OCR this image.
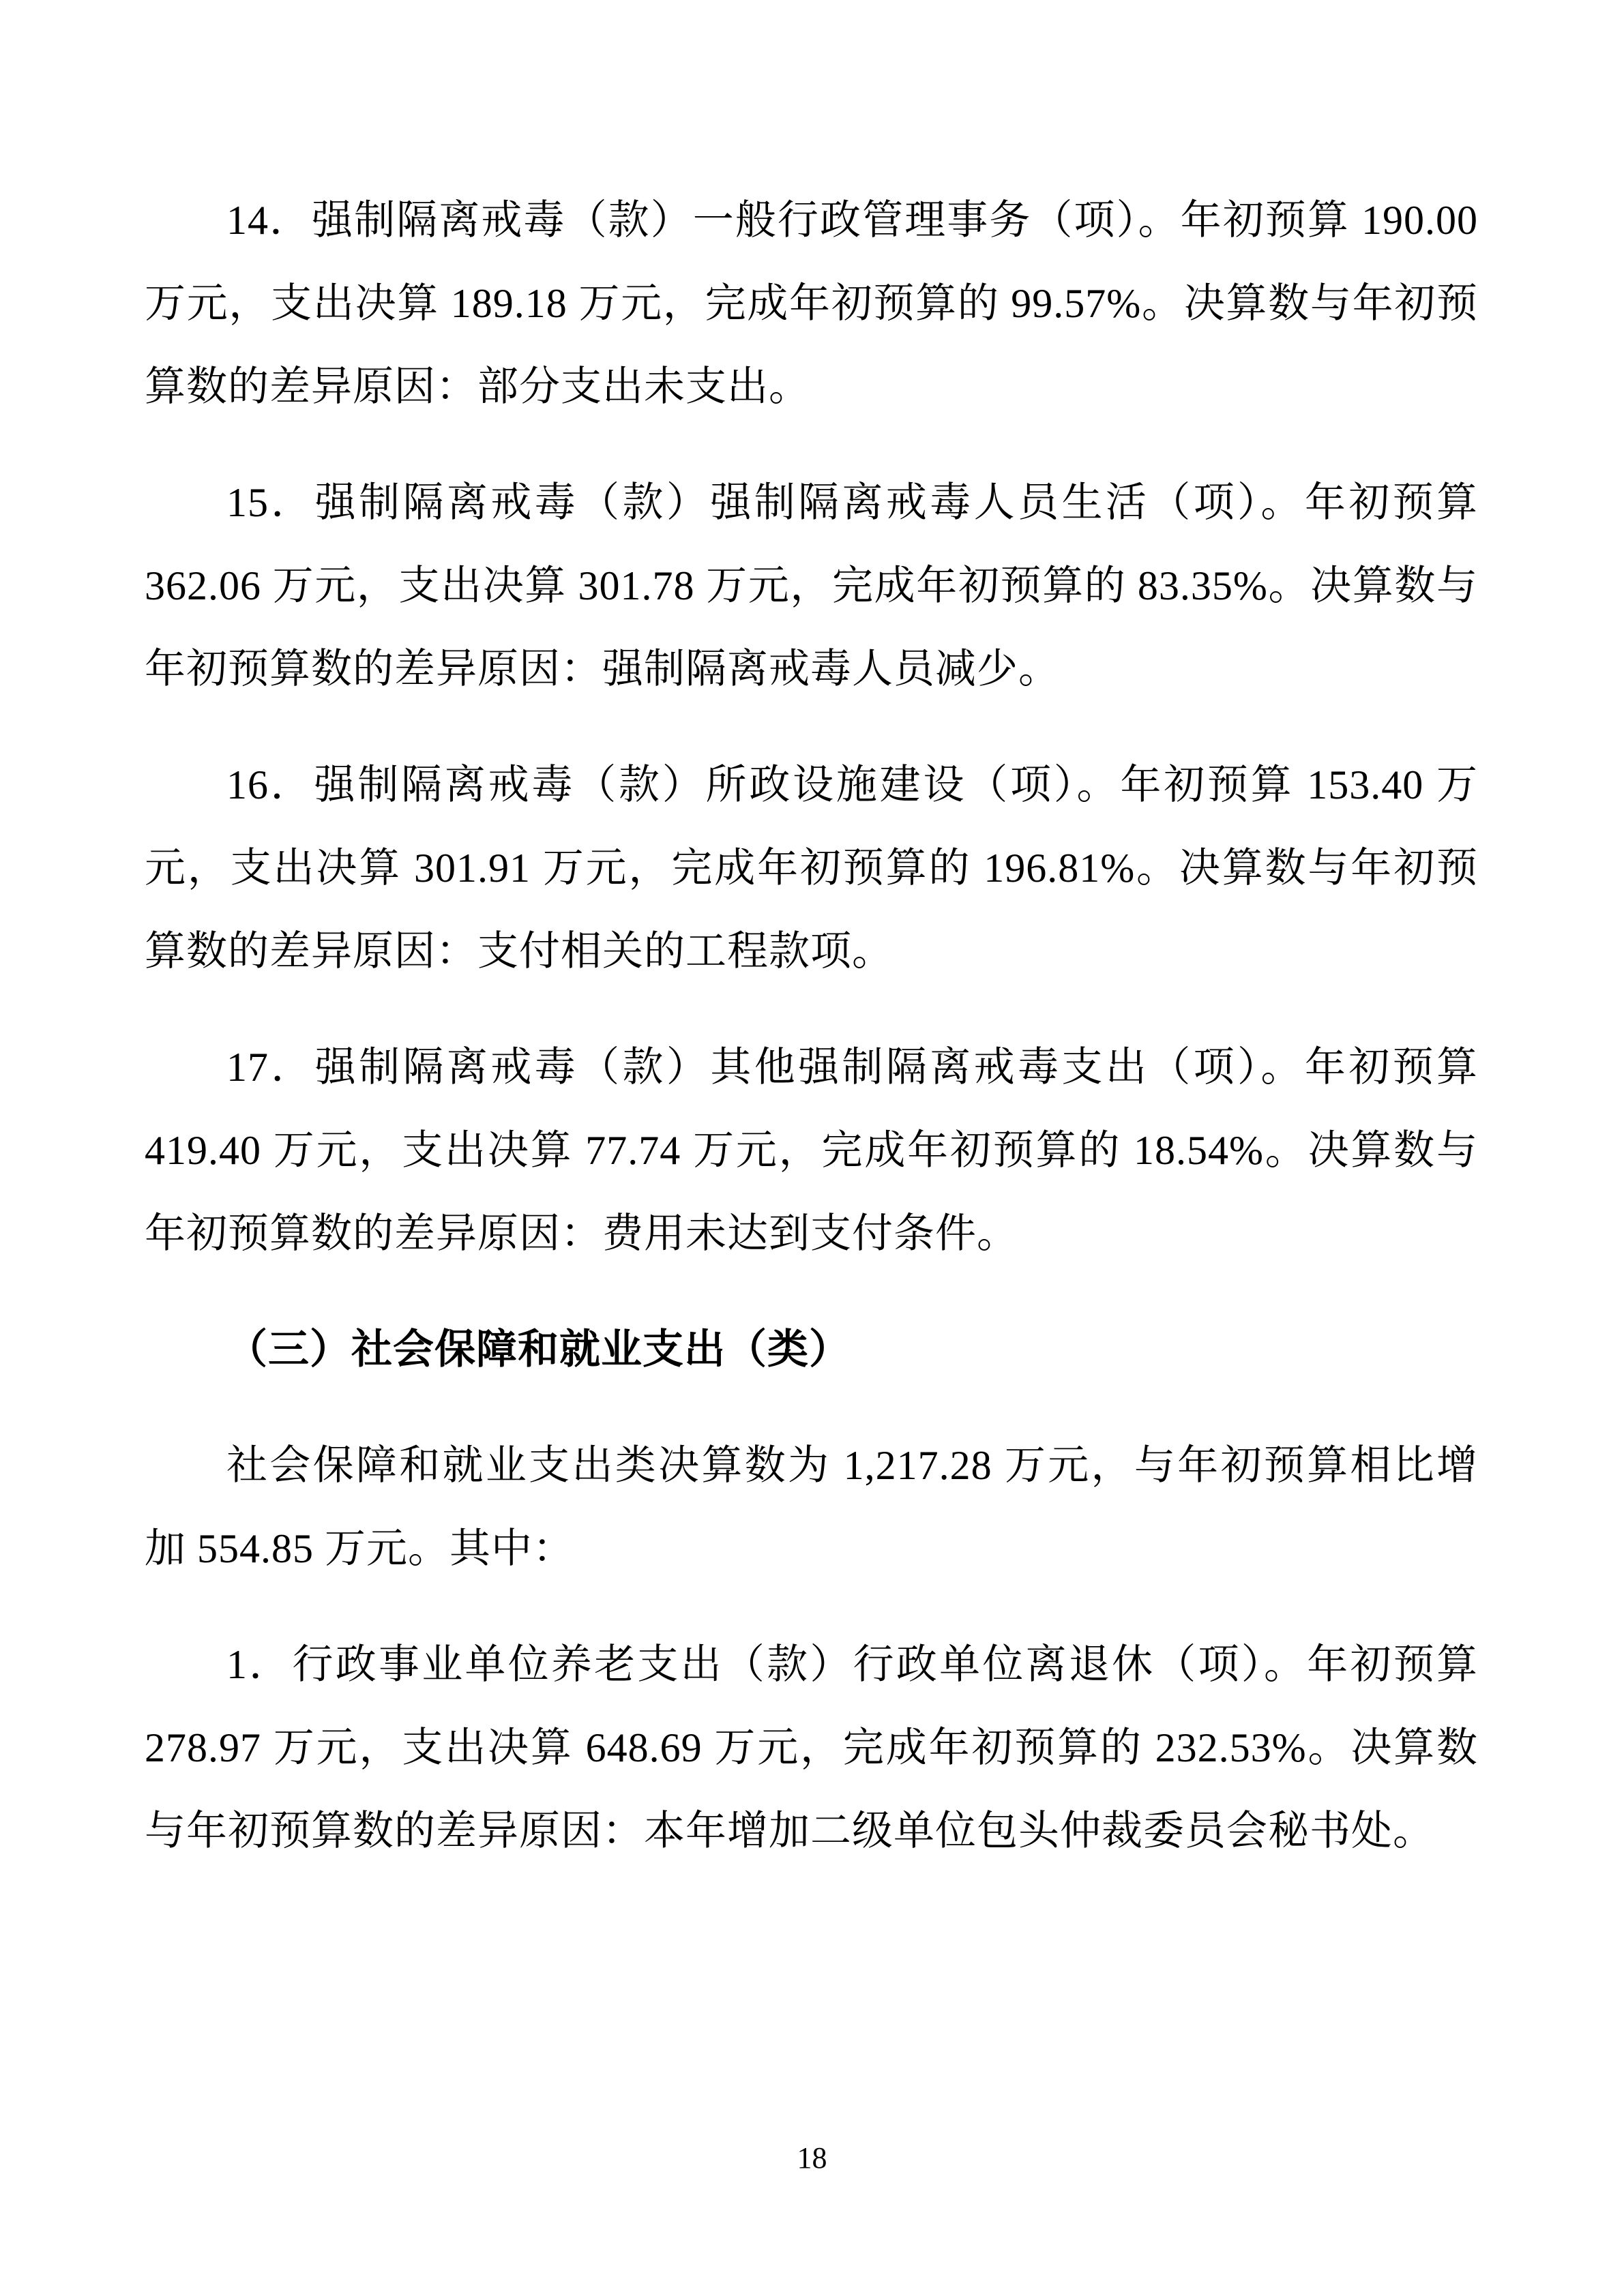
14．强制隔离戒毒（款）一般行政管理事务（项）。年初预算 190.00 万元，支出决算 189.18 万元，完成年初预算的 99.57%。决算数与年初预算数的差异原因：部分支出未支出。

15．强制隔离戒毒（款）强制隔离戒毒人员生活（项）。年初预算 362.06 万元，支出决算 301.78 万元，完成年初预算的 83.35%。决算数与年初预算数的差异原因：强制隔离戒毒人员减少。

16．强制隔离戒毒（款）所政设施建设（项）。年初预算 153.40 万元，支出决算 301.91 万元，完成年初预算的 196.81%。决算数与年初预算数的差异原因：支付相关的工程款项。

17．强制隔离戒毒（款）其他强制隔离戒毒支出（项）。年初预算 419.40 万元，支出决算 77.74 万元，完成年初预算的 18.54%。决算数与年初预算数的差异原因：费用未达到支付条件。

（三）社会保障和就业支出（类）

社会保障和就业支出类决算数为 1,217.28 万元，与年初预算相比增加 554.85 万元。其中：

1．行政事业单位养老支出（款）行政单位离退休（项）。年初预算 278.97 万元，支出决算 648.69 万元，完成年初预算的 232.53%。决算数与年初预算数的差异原因：本年增加二级单位包头仲裁委员会秘书处。

18
